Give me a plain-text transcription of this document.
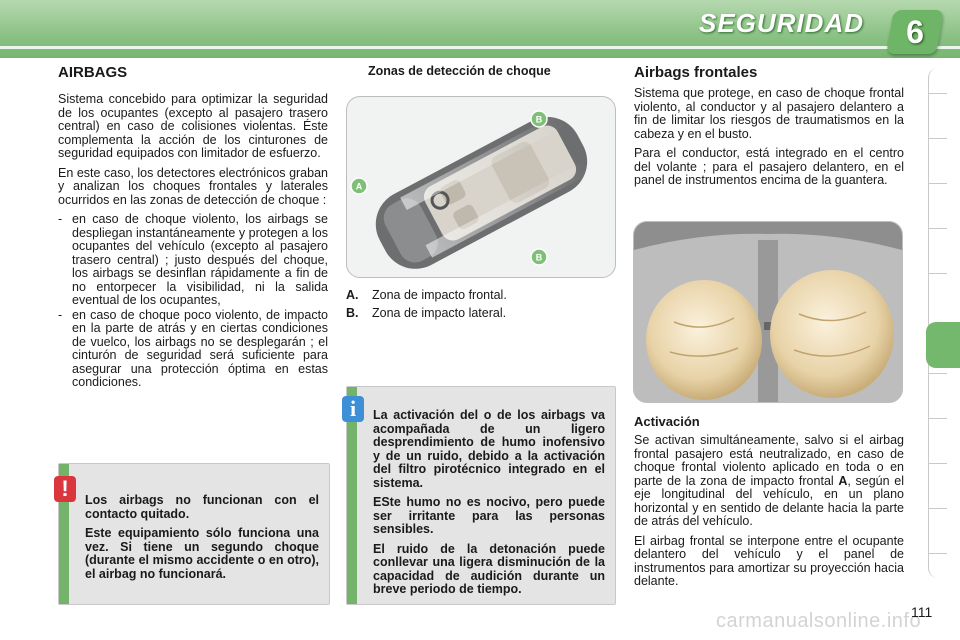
SEGURIDAD	6
AIRBAGS

Sistema concebido para optimizar la seguridad de los ocupantes (excepto al pasajero trasero central) en caso de colisiones violentas. Éste complementa la acción de los cinturones de seguridad equipados con limitador de esfuerzo.

En este caso, los detectores electrónicos graban y analizan los choques frontales y laterales ocurridos en las zonas de detección de choque :

- en caso de choque violento, los airbags se despliegan instantáneamente y protegen a los ocupantes del vehículo (excepto al pasajero trasero central) ; justo después del choque, los airbags se desinflan rápidamente a fin de no entorpecer la visibilidad, ni la salida eventual de los ocupantes,
- en caso de choque poco violento, de impacto en la parte de atrás y en ciertas condiciones de vuelco, los airbags no se desplegarán ; el cinturón de seguridad será suficiente para asegurar una protección óptima en estas condiciones.
Los airbags no funcionan con el contacto quitado.
Este equipamiento sólo funciona una vez. Si tiene un segundo choque (durante el mismo accidente o en otro), el airbag no funcionará.
!
Zonas de detección de choque
A
B
B
A.	Zona de impacto frontal.
B.	Zona de impacto lateral.
La activación del o de los airbags va acompañada de un ligero desprendimiento de humo inofensivo y de un ruido, debido a la activación del filtro pirotécnico integrado en el sistema.
ESte humo no es nocivo, pero puede ser irritante para las personas sensibles.
El ruido de la detonación puede conllevar una ligera disminución de la capacidad de audición durante un breve periodo de tiempo.
i
Airbags frontales

Sistema que protege, en caso de choque frontal violento, al conductor y al pasajero delantero a fin de limitar los riesgos de traumatismos en la cabeza y en el busto.

Para el conductor, está integrado en el centro del volante ; para el pasajero delantero, en el panel de instrumentos encima de la guantera.

Activación

Se activan simultáneamente, salvo si el airbag frontal pasajero está neutralizado, en caso de choque frontal violento aplicado en toda o en parte de la zona de impacto frontal A, según el eje longitudinal del vehículo, en un plano horizontal y en sentido de delante hacia la parte de atrás del vehículo.

El airbag frontal se interpone entre el ocupante delantero del vehículo y el panel de instrumentos para amortizar su proyección hacia delante.

carmanualsonline.info
111
